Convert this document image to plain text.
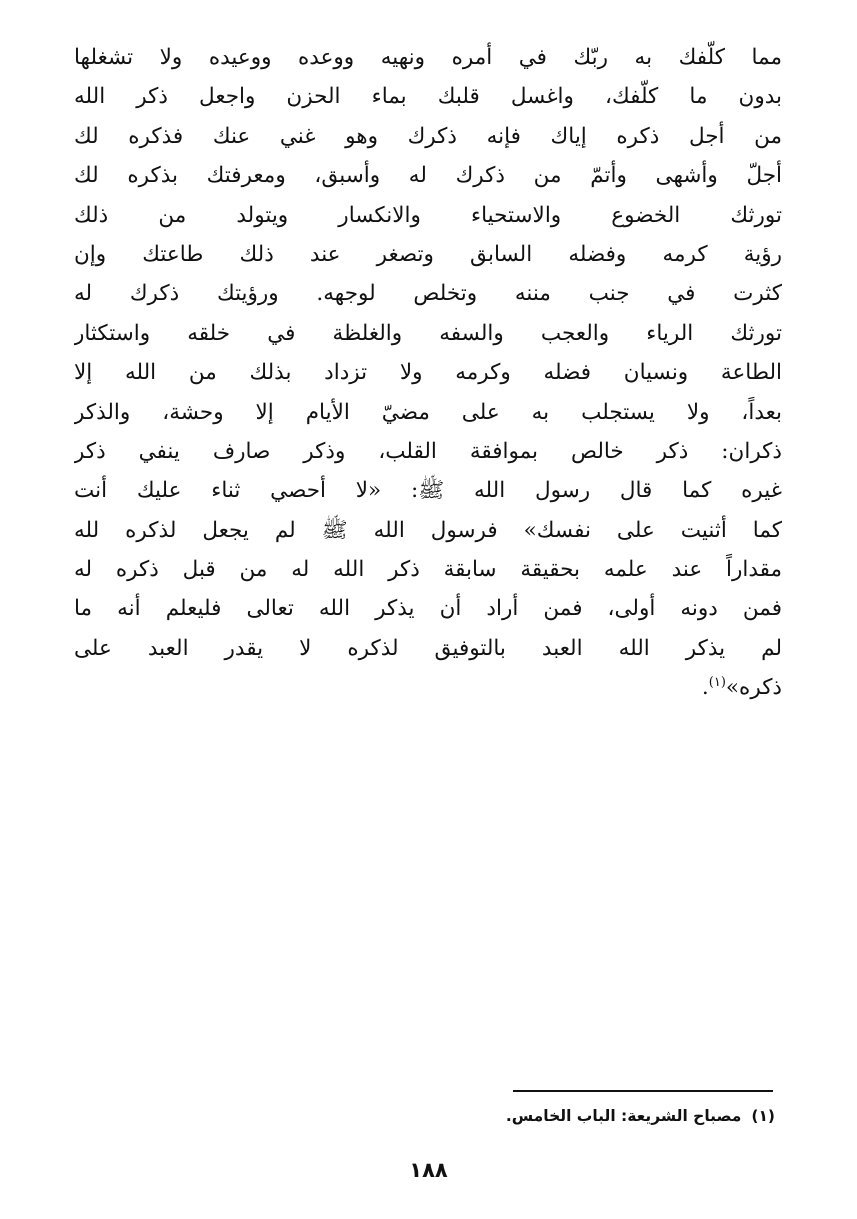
مما كلّفك به ربّك في أمره ونهيه ووعده ووعيده ولا تشغلها
بدون ما كلّفك، واغسل قلبك بماء الحزن واجعل ذكر الله
من أجل ذكره إياك فإنه ذكرك وهو غني عنك فذكره لك
أجلّ وأشهى وأتمّ من ذكرك له وأسبق، ومعرفتك بذكره لك
تورثك الخضوع والاستحياء والانكسار ويتولد من ذلك
رؤية كرمه وفضله السابق وتصغر عند ذلك طاعتك وإن
كثرت في جنب مننه وتخلص لوجهه. ورؤيتك ذكرك له
تورثك الرياء والعجب والسفه والغلظة في خلقه واستكثار
الطاعة ونسيان فضله وكرمه ولا تزداد بذلك من الله إلا
بعداً، ولا يستجلب به على مضيّ الأيام إلا وحشة، والذكر
ذكران: ذكر خالص بموافقة القلب، وذكر صارف ينفي ذكر
غيره كما قال رسول الله ﷺ: «لا أحصي ثناء عليك أنت
كما أثنيت على نفسك» فرسول الله ﷺ لم يجعل لذكره لله
مقداراً عند علمه بحقيقة سابقة ذكر الله له من قبل ذكره له
فمن دونه أولى، فمن أراد أن يذكر الله تعالى فليعلم أنه ما
لم يذكر الله العبد بالتوفيق لذكره لا يقدر العبد على
ذكره»$^{(١)}$.
(١)مصباح الشريعة: الباب الخامس.
١٨٨
